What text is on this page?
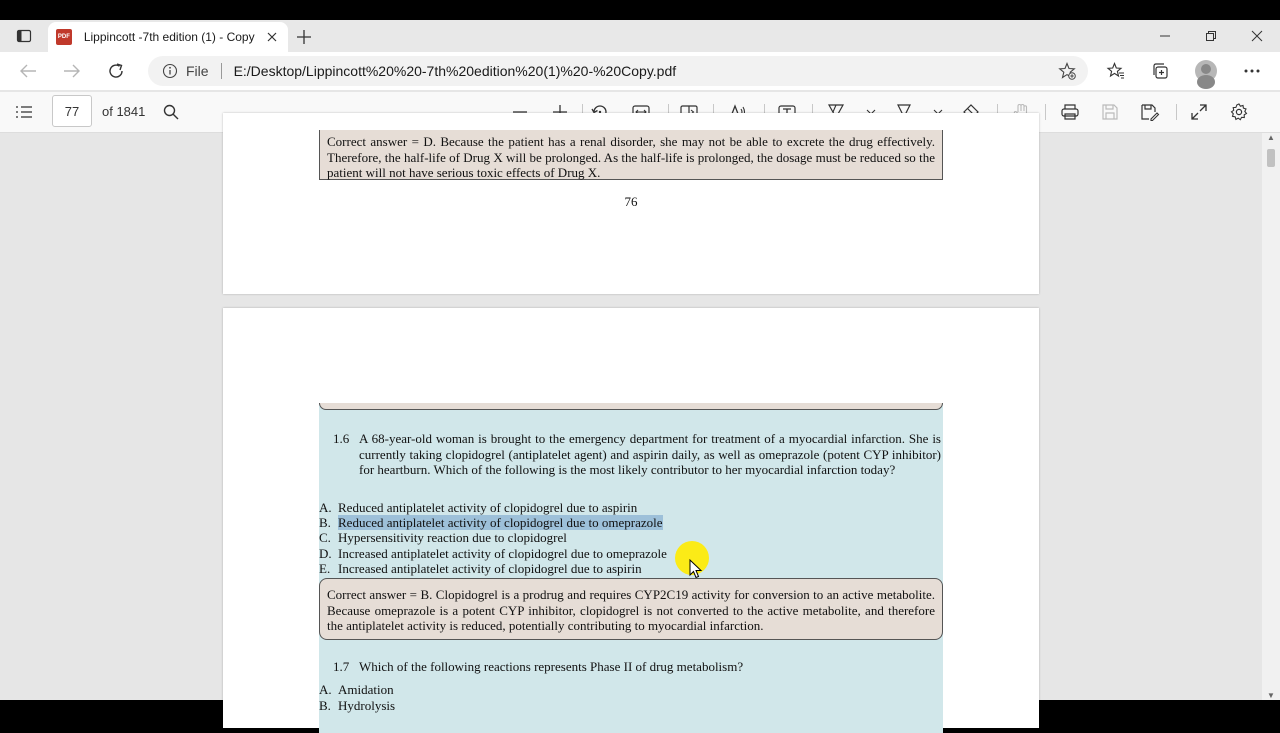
PDF Lippincott -7th edition (1) - Copy
File E:/Desktop/Lippincott%20%20-7th%20edition%20(1)%20-%20Copy.pdf
77	of 1841
Correct answer = D. Because the patient has a renal disorder, she may not be able to excrete the drug effectively. Therefore, the half-life of Drug X will be prolonged. As the half-life is prolonged, the dosage must be reduced so the patient will not have serious toxic effects of Drug X.
76
1.6 A 68-year-old woman is brought to the emergency department for treatment of a myocardial infarction. She is currently taking clopidogrel (antiplatelet agent) and aspirin daily, as well as omeprazole (potent CYP inhibitor) for heartburn. Which of the following is the most likely contributor to her myocardial infarction today?
A. Reduced antiplatelet activity of clopidogrel due to aspirin
B. Reduced antiplatelet activity of clopidogrel due to omeprazole
C. Hypersensitivity reaction due to clopidogrel
D. Increased antiplatelet activity of clopidogrel due to omeprazole
E. Increased antiplatelet activity of clopidogrel due to aspirin
Correct answer = B. Clopidogrel is a prodrug and requires CYP2C19 activity for conversion to an active metabolite. Because omeprazole is a potent CYP inhibitor, clopidogrel is not converted to the active metabolite, and therefore the antiplatelet activity is reduced, potentially contributing to myocardial infarction.
1.7 Which of the following reactions represents Phase II of drug metabolism?
A. Amidation
B. Hydrolysis
▲
▼
